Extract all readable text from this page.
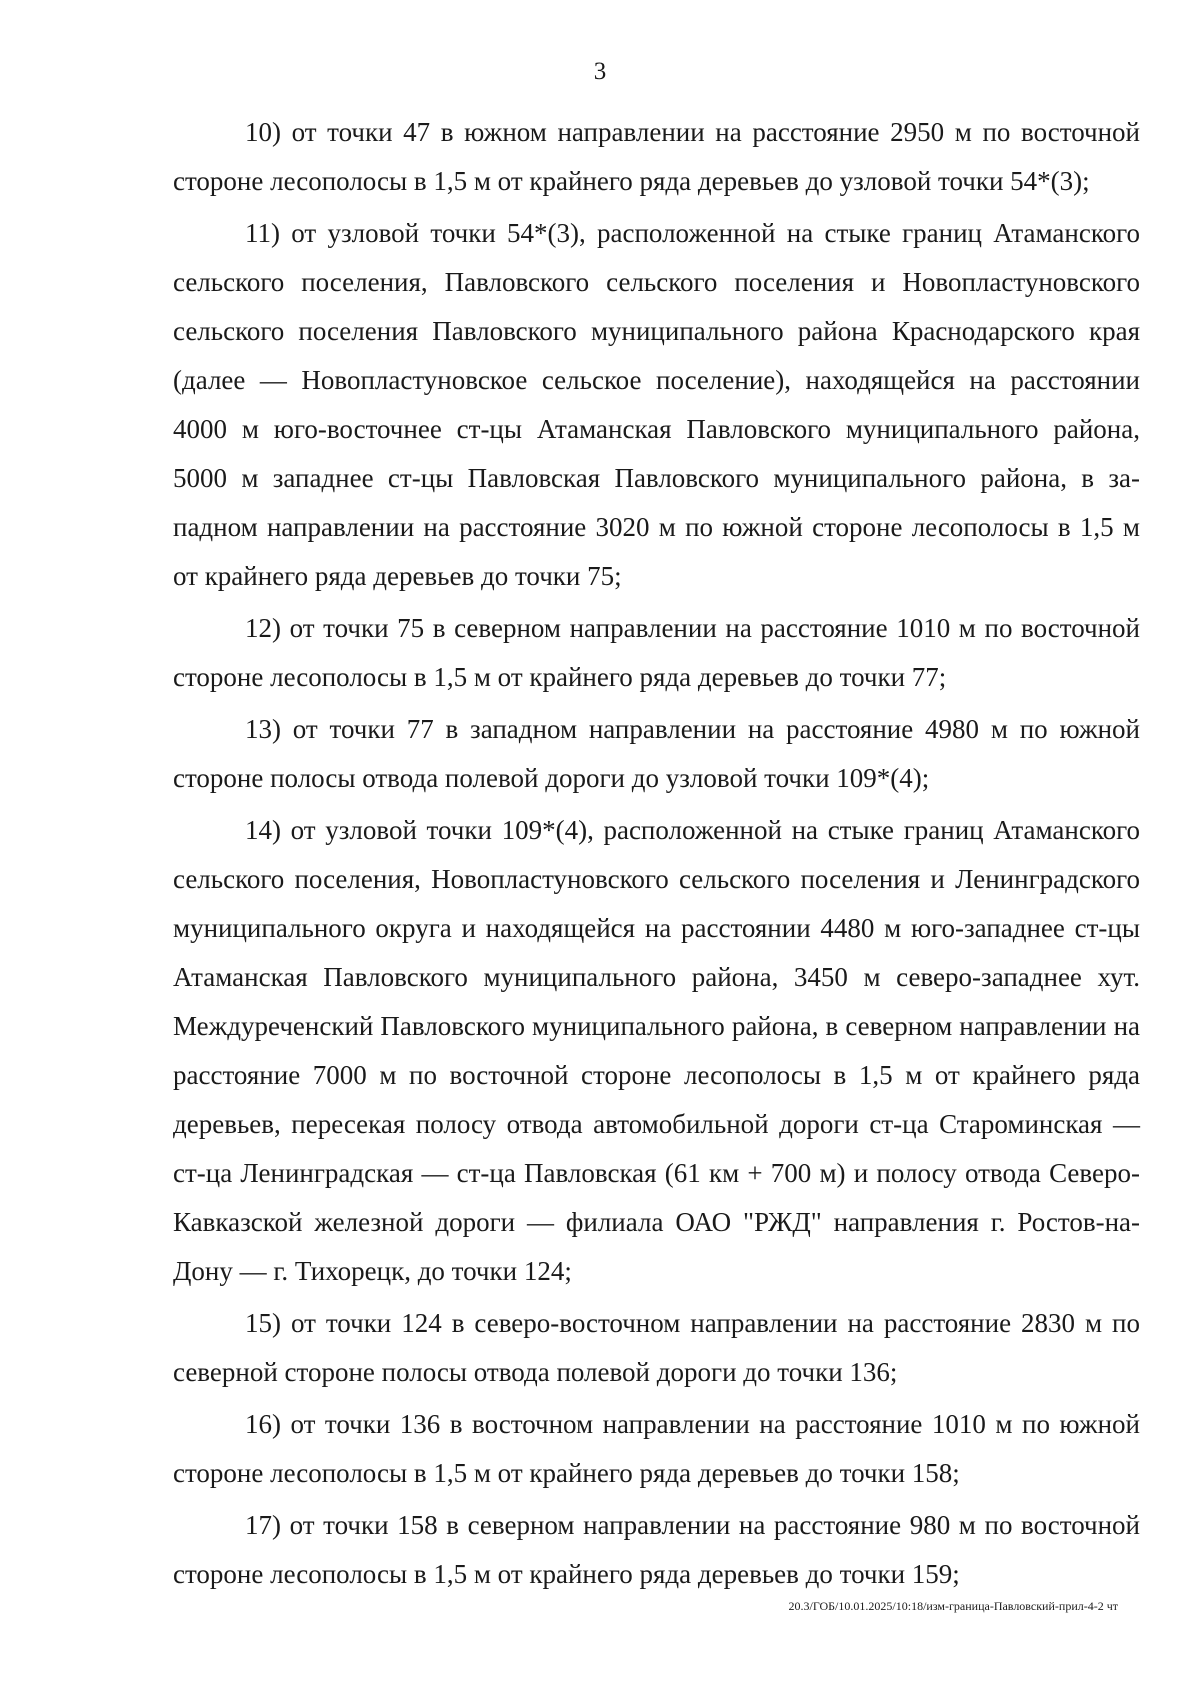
3

10) от точки 47 в южном направлении на расстояние 2950 м по восточной стороне лесополосы в 1,5 м от крайнего ряда деревьев до узловой точки 54*(3);

11) от узловой точки 54*(3), расположенной на стыке границ Атаманского сельского поселения, Павловского сельского поселения и Новопластуновского сельского поселения Павловского муниципального района Краснодарского края (далее — Новопластуновское сельское поселение), находящейся на расстоянии 4000 м юго-восточнее ст-цы Атаманская Павловского муниципального района, 5000 м западнее ст-цы Павловская Павловского муниципального района, в западном направлении на расстояние 3020 м по южной стороне лесополосы в 1,5 м от крайнего ряда деревьев до точки 75;

12) от точки 75 в северном направлении на расстояние 1010 м по восточной стороне лесополосы в 1,5 м от крайнего ряда деревьев до точки 77;

13) от точки 77 в западном направлении на расстояние 4980 м по южной стороне полосы отвода полевой дороги до узловой точки 109*(4);

14) от узловой точки 109*(4), расположенной на стыке границ Атаманского сельского поселения, Новопластуновского сельского поселения и Ленинградского муниципального округа и находящейся на расстоянии 4480 м юго-западнее ст-цы Атаманская Павловского муниципального района, 3450 м северо-западнее хут. Междуреченский Павловского муниципального района, в северном направлении на расстояние 7000 м по восточной стороне лесополосы в 1,5 м от крайнего ряда деревьев, пересекая полосу отвода автомобильной дороги ст-ца Староминская — ст-ца Ленинградская — ст-ца Павловская (61 км + 700 м) и полосу отвода Северо-Кавказской железной дороги — филиала ОАО "РЖД" направления г. Ростов-на-Дону — г. Тихорецк, до точки 124;

15) от точки 124 в северо-восточном направлении на расстояние 2830 м по северной стороне полосы отвода полевой дороги до точки 136;

16) от точки 136 в восточном направлении на расстояние 1010 м по южной стороне лесополосы в 1,5 м от крайнего ряда деревьев до точки 158;

17) от точки 158 в северном направлении на расстояние 980 м по восточной стороне лесополосы в 1,5 м от крайнего ряда деревьев до точки 159;

20.3/ГОБ/10.01.2025/10:18/изм-граница-Павловский-прил-4-2 чт
